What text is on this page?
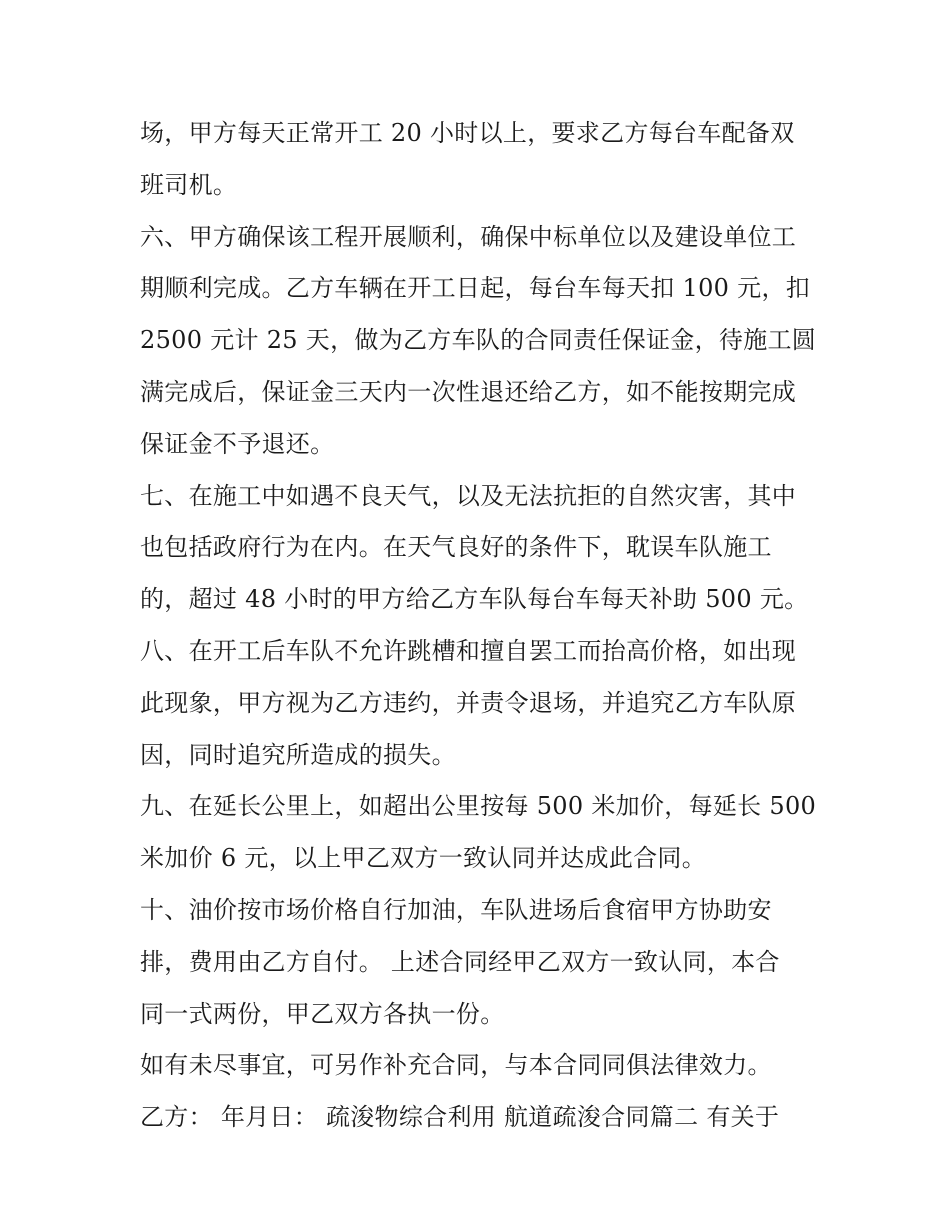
场，甲方每天正常开工 20 小时以上，要求乙方每台车配备双
班司机。
六、甲方确保该工程开展顺利，确保中标单位以及建设单位工
期顺利完成。乙方车辆在开工日起，每台车每天扣 100 元，扣
2500 元计 25 天，做为乙方车队的合同责任保证金，待施工圆
满完成后，保证金三天内一次性退还给乙方，如不能按期完成
保证金不予退还。
七、在施工中如遇不良天气，以及无法抗拒的自然灾害，其中
也包括政府行为在内。在天气良好的条件下，耽误车队施工
的，超过 48 小时的甲方给乙方车队每台车每天补助 500 元。
八、在开工后车队不允许跳槽和擅自罢工而抬高价格，如出现
此现象，甲方视为乙方违约，并责令退场，并追究乙方车队原
因，同时追究所造成的损失。
九、在延长公里上，如超出公里按每 500 米加价，每延长 500
米加价 6 元，以上甲乙双方一致认同并达成此合同。
十、油价按市场价格自行加油，车队进场后食宿甲方协助安
排，费用由乙方自付。 上述合同经甲乙双方一致认同，本合
同一式两份，甲乙双方各执一份。
如有未尽事宜，可另作补充合同，与本合同同俱法律效力。
乙方： 年月日： 疏浚物综合利用 航道疏浚合同篇二 有关于
